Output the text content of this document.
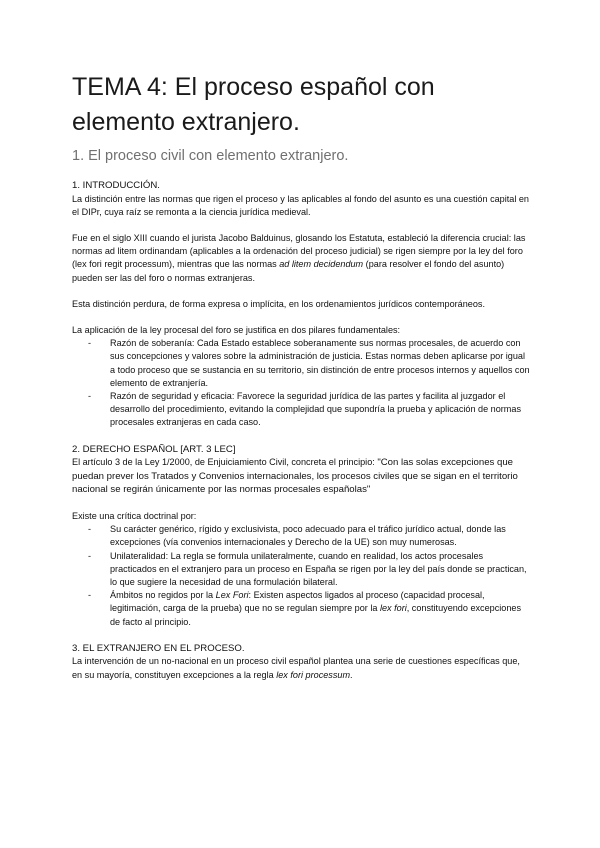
TEMA 4: El proceso español con elemento extranjero.
1. El proceso civil con elemento extranjero.
1. INTRODUCCIÓN.

La distinción entre las normas que rigen el proceso y las aplicables al fondo del asunto es una cuestión capital en el DIPr, cuya raíz se remonta a la ciencia jurídica medieval.

Fue en el siglo XIII cuando el jurista Jacobo Balduinus, glosando los Estatuta, estableció la diferencia crucial: las normas ad litem ordinandam (aplicables a la ordenación del proceso judicial) se rigen siempre por la ley del foro (lex fori regit processum), mientras que las normas ad litem decidendum (para resolver el fondo del asunto) pueden ser las del foro o normas extranjeras.

Esta distinción perdura, de forma expresa o implícita, en los ordenamientos jurídicos contemporáneos.

La aplicación de la ley procesal del foro se justifica en dos pilares fundamentales:

- Razón de soberanía: Cada Estado establece soberanamente sus normas procesales, de acuerdo con sus concepciones y valores sobre la administración de justicia. Estas normas deben aplicarse por igual a todo proceso que se sustancia en su territorio, sin distinción de entre procesos internos y aquellos con elemento de extranjería.
- Razón de seguridad y eficacia: Favorece la seguridad jurídica de las partes y facilita al juzgador el desarrollo del procedimiento, evitando la complejidad que supondría la prueba y aplicación de normas procesales extranjeras en cada caso.
2. DERECHO ESPAÑOL [ART. 3 LEC]

El artículo 3 de la Ley 1/2000, de Enjuiciamiento Civil, concreta el principio: "Con las solas excepciones que puedan prever los Tratados y Convenios internacionales, los procesos civiles que se sigan en el territorio nacional se regirán únicamente por las normas procesales españolas"

Existe una crítica doctrinal por:

- Su carácter genérico, rígido y exclusivista, poco adecuado para el tráfico jurídico actual, donde las excepciones (vía convenios internacionales y Derecho de la UE) son muy numerosas.
- Unilateralidad: La regla se formula unilateralmente, cuando en realidad, los actos procesales practicados en el extranjero para un proceso en España se rigen por la ley del país donde se practican, lo que sugiere la necesidad de una formulación bilateral.
- Ámbitos no regidos por la Lex Fori: Existen aspectos ligados al proceso (capacidad procesal, legitimación, carga de la prueba) que no se regulan siempre por la lex fori, constituyendo excepciones de facto al principio.
3. EL EXTRANJERO EN EL PROCESO.

La intervención de un no-nacional en un proceso civil español plantea una serie de cuestiones específicas que, en su mayoría, constituyen excepciones a la regla lex fori processum.
